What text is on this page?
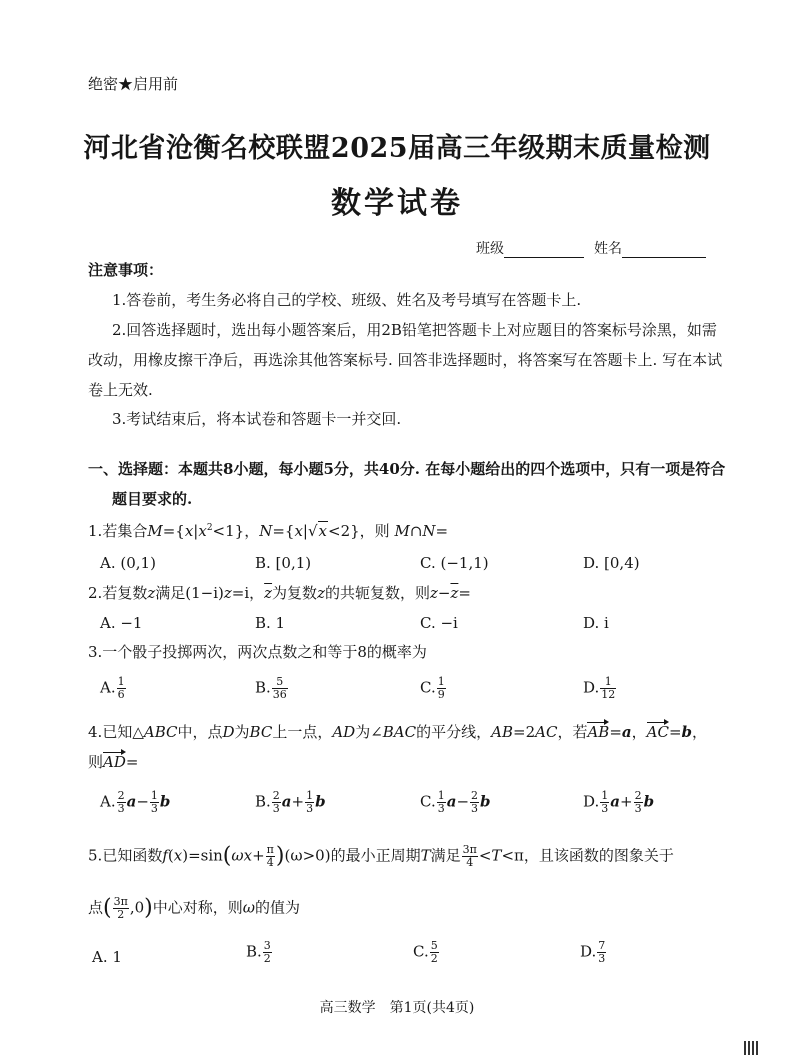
绝密★启用前
河北省沧衡名校联盟2025届高三年级期末质量检测
数学试卷
班级	姓名
注意事项：
1.答卷前，考生务必将自己的学校、班级、姓名及考号填写在答题卡上.
2.回答选择题时，选出每小题答案后，用2B铅笔把答题卡上对应题目的答案标号涂黑，如需
改动，用橡皮擦干净后，再选涂其他答案标号. 回答非选择题时，将答案写在答题卡上. 写在本试
卷上无效.
3.考试结束后，将本试卷和答题卡一并交回.
一、选择题：本题共8小题，每小题5分，共40分. 在每小题给出的四个选项中，只有一项是符合
题目要求的.
1.若集合$M=\{x|x^2<1\}$，N={x|√x<2}，则 M∩N=
A. (0,1)	B. [0,1)	C. (−1,1)	D. [0,4)
2.若复数z满足(1−i)z=i，$\overline{z}$为复数z的共轭复数，则$z-\overline{z}=$
A. −1	B. 1	C. −i	D. i
3.一个骰子投掷两次，两次点数之和等于8的概率为
A. $\frac{1}{6}$	B. $\frac{5}{36}$	C. $\frac{1}{9}$	D. $\frac{1}{12}$
4.已知△ABC中，点D为BC上一点，AD为∠BAC的平分线，AB=2AC，若AB=a，AC=b，
则AD=
A. $\frac{2}{3} a- \frac{1}{3}$ b	B. $\frac{2}{3} a+ \frac{1}{3}$ b	C. $\frac{1}{3} a- \frac{2}{3}$ b	D. $\frac{1}{3} a+ \frac{2}{3}$ b
5.已知函数$f(x)=\sin(\omega x+ \frac{\pi}{4} )(\omega>0)$的最小正周期T满足 $\frac{3\pi}{4} <T<\pi$，且该函数的图象关于
点( $\frac{3\pi}{2} ,0$)中心对称，则ω的值为
A. 1	B. $\frac{3}{2}$	C. $\frac{5}{2}$	D. $\frac{7}{3}$
高三数学　第1页(共4页)
